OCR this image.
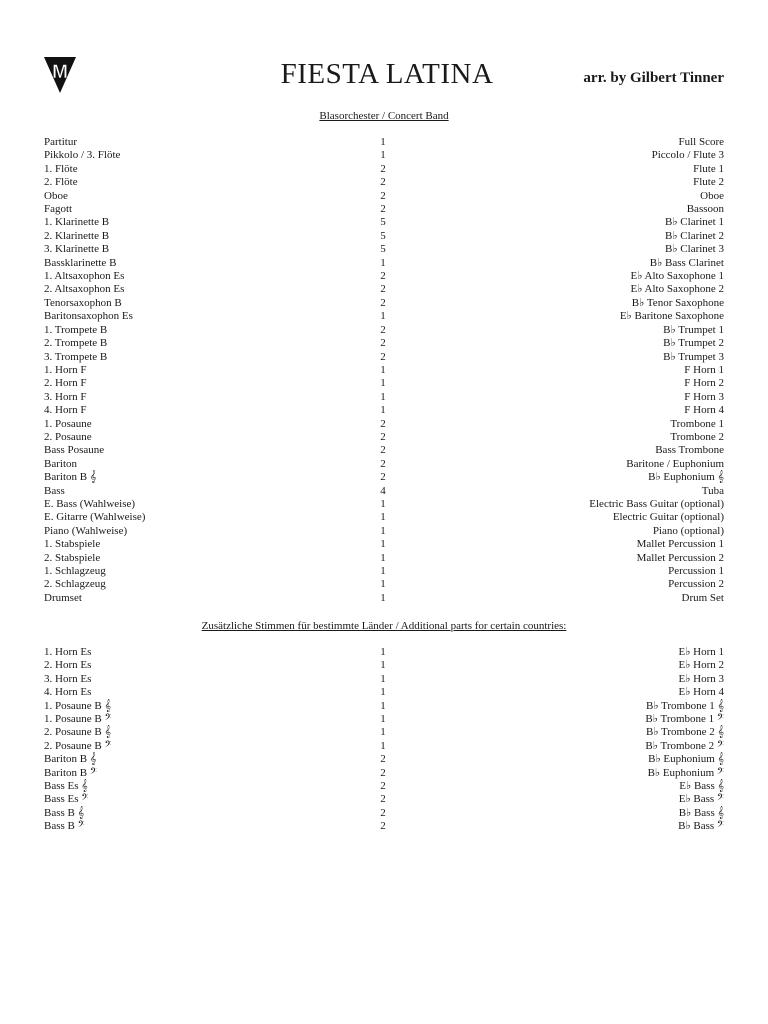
M	FIESTA LATINA	arr. by Gilbert Tinner
Blasorchester / Concert Band
Partitur	1	Full Score
Pikkolo / 3. Flöte	1	Piccolo / Flute 3
1. Flöte	2	Flute 1
2. Flöte	2	Flute 2
Oboe	2	Oboe
Fagott	2	Bassoon
1. Klarinette B	5	B♭ Clarinet 1
2. Klarinette B	5	B♭ Clarinet 2
3. Klarinette B	5	B♭ Clarinet 3
Bassklarinette B	1	B♭ Bass Clarinet
1. Altsaxophon Es	2	E♭ Alto Saxophone 1
2. Altsaxophon Es	2	E♭ Alto Saxophone 2
Tenorsaxophon B	2	B♭ Tenor Saxophone
Baritonsaxophon Es	1	E♭ Baritone Saxophone
1. Trompete B	2	B♭ Trumpet 1
2. Trompete B	2	B♭ Trumpet 2
3. Trompete B	2	B♭ Trumpet 3
1. Horn F	1	F Horn 1
2. Horn F	1	F Horn 2
3. Horn F	1	F Horn 3
4. Horn F	1	F Horn 4
1. Posaune	2	Trombone 1
2. Posaune	2	Trombone 2
Bass Posaune	2	Bass Trombone
Bariton	2	Baritone / Euphonium
Bariton B 𝄞	2	B♭ Euphonium 𝄞
Bass	4	Tuba
E. Bass (Wahlweise)	1	Electric Bass Guitar (optional)
E. Gitarre (Wahlweise)	1	Electric Guitar (optional)
Piano (Wahlweise)	1	Piano (optional)
1. Stabspiele	1	Mallet Percussion 1
2. Stabspiele	1	Mallet Percussion 2
1. Schlagzeug	1	Percussion 1
2. Schlagzeug	1	Percussion 2
Drumset	1	Drum Set
Zusätzliche Stimmen für bestimmte Länder / Additional parts for certain countries:
1. Horn Es	1	E♭ Horn 1
2. Horn Es	1	E♭ Horn 2
3. Horn Es	1	E♭ Horn 3
4. Horn Es	1	E♭ Horn 4
1. Posaune B 𝄞	1	B♭ Trombone 1 𝄞
1. Posaune B 𝄢	1	B♭ Trombone 1 𝄢
2. Posaune B 𝄞	1	B♭ Trombone 2 𝄞
2. Posaune B 𝄢	1	B♭ Trombone 2 𝄢
Bariton B 𝄞	2	B♭ Euphonium 𝄞
Bariton B 𝄢	2	B♭ Euphonium 𝄢
Bass Es 𝄞	2	E♭ Bass 𝄞
Bass Es 𝄢	2	E♭ Bass 𝄢
Bass B 𝄞	2	B♭ Bass 𝄞
Bass B 𝄢	2	B♭ Bass 𝄢
